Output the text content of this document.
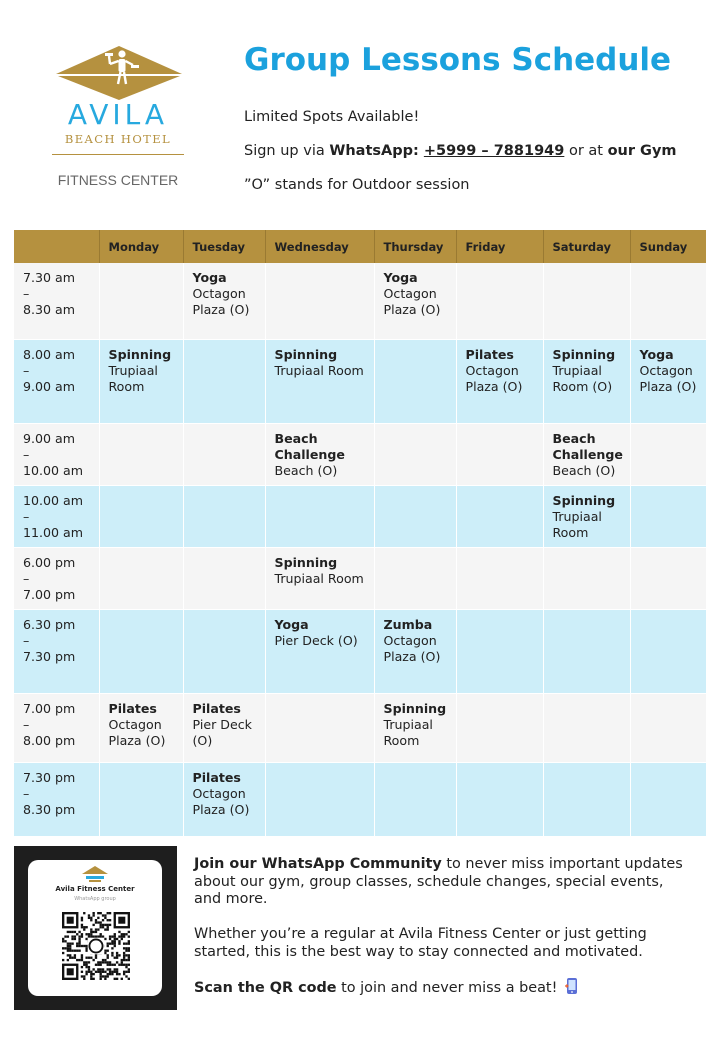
AVILA
BEACH HOTEL
FITNESS CENTER
Group Lessons Schedule
Limited Spots Available!
Sign up via WhatsApp: +5999 – 7881949 or at our Gym
”O” stands for Outdoor session
	Monday	Tuesday	Wednesday	Thursday	Friday	Saturday	Sunday

7.30 am
–
8.30 am		Yoga
Octagon Plaza (O)		Yoga
Octagon Plaza (O)			

8.00 am
–
9.00 am	Spinning
Trupiaal Room		Spinning
Trupiaal Room		Pilates
Octagon Plaza (O)	Spinning
Trupiaal Room (O)	Yoga
Octagon Plaza (O)

9.00 am
–
10.00 am			Beach Challenge
Beach (O)			Beach Challenge
Beach (O)	

10.00 am
–
11.00 am						Spinning
Trupiaal Room	

6.00 pm
–
7.00 pm			Spinning
Trupiaal Room				

6.30 pm
–
7.30 pm			Yoga
Pier Deck (O)	Zumba
Octagon Plaza (O)			

7.00 pm
–
8.00 pm	Pilates
Octagon Plaza (O)	Pilates
Pier Deck (O)		Spinning
Trupiaal Room			

7.30 pm
–
8.30 pm		Pilates
Octagon Plaza (O)					

Avila Fitness Center
WhatsApp group

Join our WhatsApp Community to never miss important updates about our gym, group classes, schedule changes, special events, and more.

Whether you’re a regular at Avila Fitness Center or just getting started, this is the best way to stay connected and motivated.

Scan the QR code to join and never miss a beat!
